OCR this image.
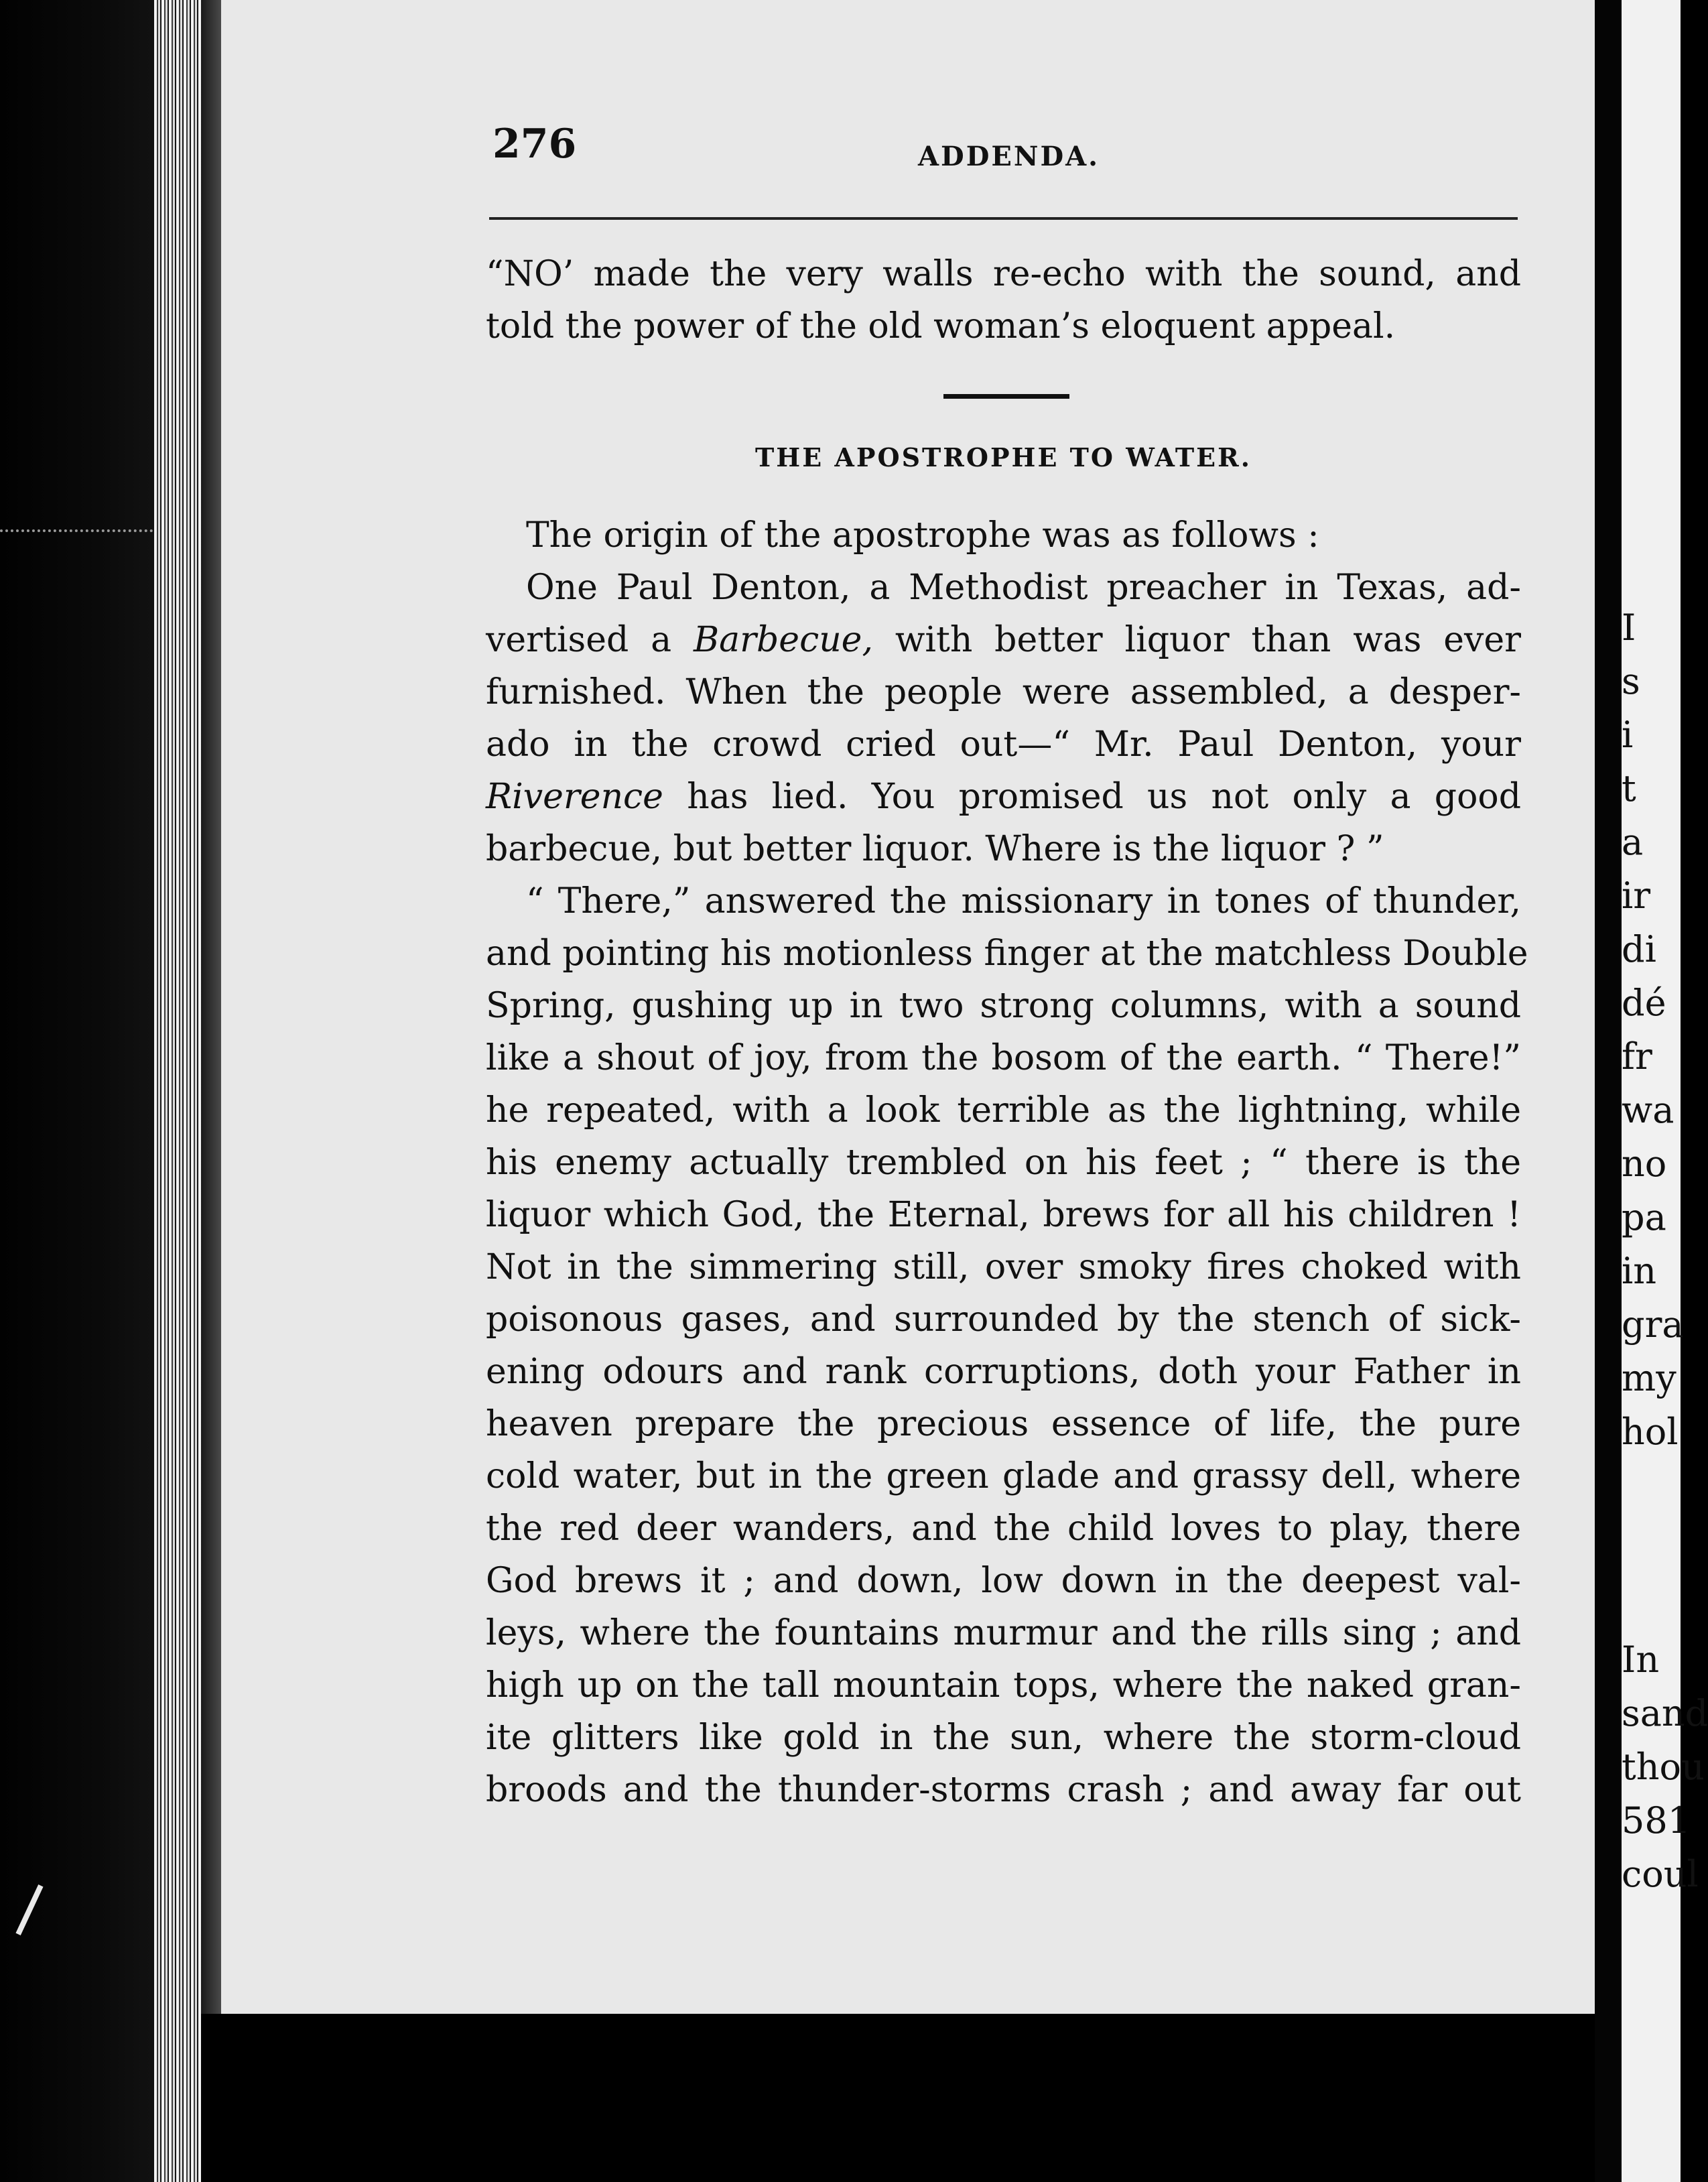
I
s
i
t
a
ir
di
dé
fr
wa
no
pa
in
gra
my
hol
In
sand
thou
581
coul
276	ADDENDA.
“NO’ made the very walls re-echo with the sound, and
told the power of the old woman’s eloquent appeal.
THE APOSTROPHE TO WATER.
The origin of the apostrophe was as follows :
One Paul Denton, a Methodist preacher in Texas, ad-
vertised a Barbecue, with better liquor than was ever
furnished. When the people were assembled, a desper-
ado in the crowd cried out—“ Mr. Paul Denton, your
Riverence has lied. You promised us not only a good
barbecue, but better liquor. Where is the liquor ? ”
“ There,” answered the missionary in tones of thunder,
and pointing his motionless finger at the matchless Double
Spring, gushing up in two strong columns, with a sound
like a shout of joy, from the bosom of the earth. “ There!”
he repeated, with a look terrible as the lightning, while
his enemy actually trembled on his feet ; “ there is the
liquor which God, the Eternal, brews for all his children !
Not in the simmering still, over smoky fires choked with
poisonous gases, and surrounded by the stench of sick-
ening odours and rank corruptions, doth your Father in
heaven prepare the precious essence of life, the pure
cold water, but in the green glade and grassy dell, where
the red deer wanders, and the child loves to play, there
God brews it ; and down, low down in the deepest val-
leys, where the fountains murmur and the rills sing ; and
high up on the tall mountain tops, where the naked gran-
ite glitters like gold in the sun, where the storm-cloud
broods and the thunder-storms crash ; and away far out
